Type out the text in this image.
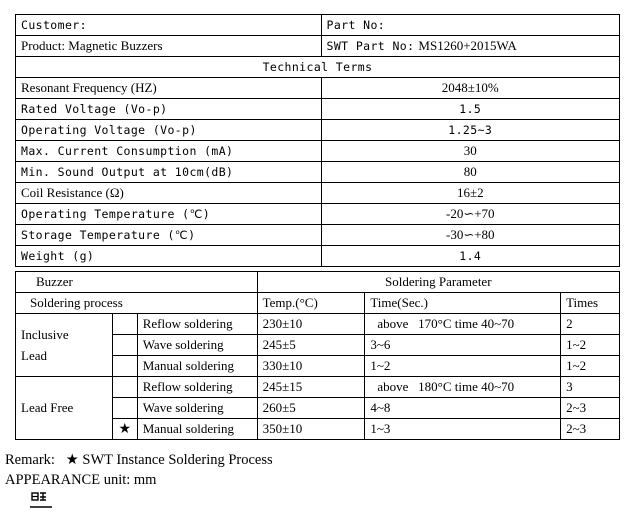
Customer:	Part No:
Product: Magnetic Buzzers	SWT Part No: MS1260+2015WA
Technical Terms	
Resonant Frequency (HZ)	2048±10%
Rated Voltage (Vo-p)	1.5
Operating Voltage (Vo-p)	1.25~3
Max. Current Consumption (mA)	30
Min. Sound Output at 10cm(dB)	80
Coil Resistance (Ω)	16±2
Operating Temperature (℃)	-20∽+70
Storage Temperature (℃)	-30∽+80
Weight (g)	1.4
Buzzer			Soldering Parameter		
Soldering process			Temp.(°C)	Time(Sec.)	Times

Inclusive
Lead		Reflow soldering	230±10	above   170°C time 40~70	2
		Wave soldering	245±5	3~6	1~2
		Manual soldering	330±10	1~2	1~2

Lead Free		Reflow soldering	245±15	above   180°C time 40~70	3
		Wave soldering	260±5	4~8	2~3
	★	Manual soldering	350±10	1~3	2~3
Remark:   ★ SWT Instance Soldering Process
APPEARANCE unit: mm
